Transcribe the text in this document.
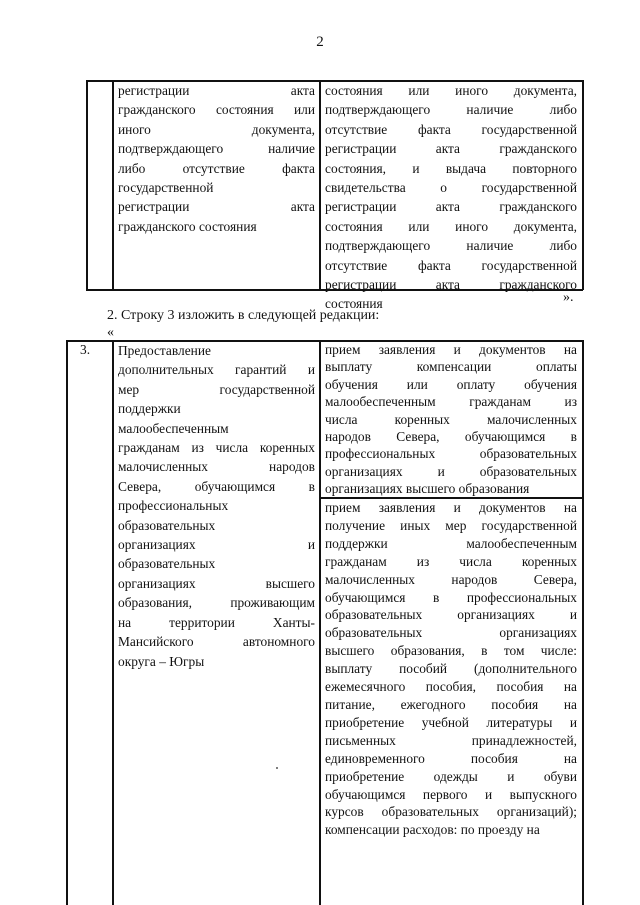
2
регистрации акта
гражданского состояния или
иного документа,
подтверждающего наличие
либо отсутствие факта
государственной
регистрации акта
гражданского состояния
состояния или иного документа,
подтверждающего наличие либо
отсутствие факта государственной
регистрации акта гражданского
состояния, и выдача повторного
свидетельства о государственной
регистрации акта гражданского
состояния или иного документа,
подтверждающего наличие либо
отсутствие факта государственной
регистрации акта гражданского
состояния	».
2. Строку 3 изложить в следующей редакции:
«
3. Предоставление
дополнительных гарантий и
мер государственной
поддержки
малообеспеченным
гражданам из числа коренных
малочисленных народов
Севера, обучающимся в
профессиональных
образовательных
организациях и
образовательных
организациях высшего
образования, проживающим
на территории Ханты-
Мансийского автономного
округа – Югры
прием заявления и документов на
выплату компенсации оплаты
обучения или оплату обучения
малообеспеченным гражданам из
числа коренных малочисленных
народов Севера, обучающимся в
профессиональных образовательных
организациях и образовательных
организациях высшего образования
прием заявления и документов на
получение иных мер государственной
поддержки малообеспеченным
гражданам из числа коренных
малочисленных народов Севера,
обучающимся в профессиональных
образовательных организациях и
образовательных организациях
высшего образования, в том числе:
выплату пособий (дополнительного
ежемесячного пособия, пособия на
питание, ежегодного пособия на
приобретение учебной литературы и
письменных принадлежностей,
единовременного пособия на
приобретение одежды и обуви
обучающимся первого и выпускного
курсов образовательных организаций);
компенсации расходов: по проезду на
